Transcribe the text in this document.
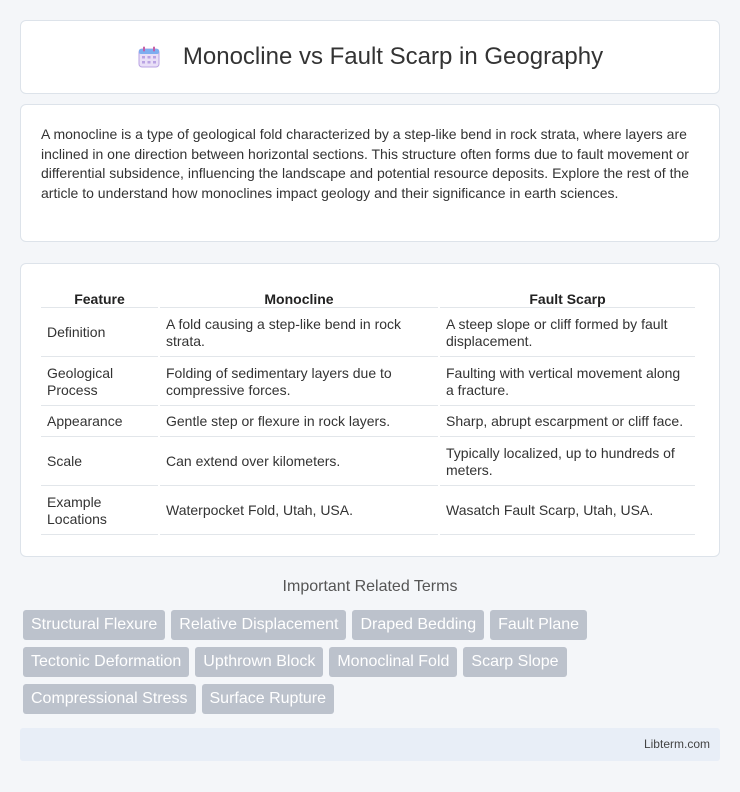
Monocline vs Fault Scarp in Geography

A monocline is a type of geological fold characterized by a step-like bend in rock strata, where layers are inclined in one direction between horizontal sections. This structure often forms due to fault movement or differential subsidence, influencing the landscape and potential resource deposits. Explore the rest of the article to understand how monoclines impact geology and their significance in earth sciences.

Feature	Monocline	Fault Scarp
Definition	A fold causing a step-like bend in rock strata.	A steep slope or cliff formed by fault displacement.
Geological Process	Folding of sedimentary layers due to compressive forces.	Faulting with vertical movement along a fracture.
Appearance	Gentle step or flexure in rock layers.	Sharp, abrupt escarpment or cliff face.
Scale	Can extend over kilometers.	Typically localized, up to hundreds of meters.
Example Locations	Waterpocket Fold, Utah, USA.	Wasatch Fault Scarp, Utah, USA.
Important Related Terms
Structural Flexure	Relative Displacement	Draped Bedding	Fault Plane
Tectonic Deformation	Upthrown Block	Monoclinal Fold	Scarp Slope
Compressional Stress	Surface Rupture
Libterm.com
